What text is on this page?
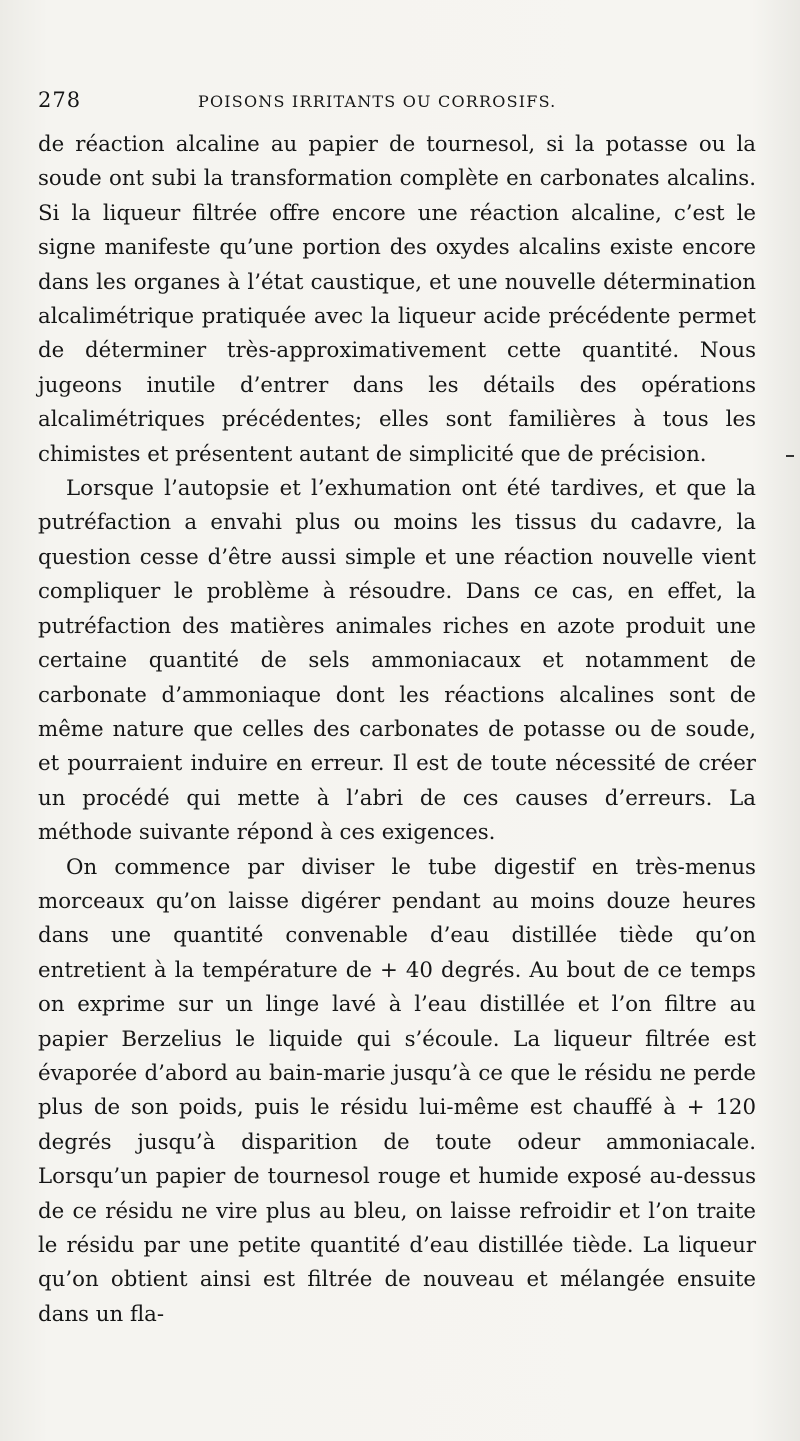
278	POISONS IRRITANTS OU CORROSIFS.

de réaction alcaline au papier de tournesol, si la potasse ou la soude ont subi la transformation complète en carbonates alcalins. Si la liqueur filtrée offre encore une réaction alcaline, c’est le signe manifeste qu’une portion des oxydes alcalins existe encore dans les organes à l’état caustique, et une nouvelle détermination alcalimétrique pratiquée avec la liqueur acide précédente permet de déterminer très-approximativement cette quantité. Nous jugeons inutile d’entrer dans les détails des opérations alcalimétriques précédentes; elles sont familières à tous les chimistes et présentent autant de simplicité que de précision.

Lorsque l’autopsie et l’exhumation ont été tardives, et que la putréfaction a envahi plus ou moins les tissus du cadavre, la question cesse d’être aussi simple et une réaction nouvelle vient compliquer le problème à résoudre. Dans ce cas, en effet, la putréfaction des matières animales riches en azote produit une certaine quantité de sels ammoniacaux et notamment de carbonate d’ammoniaque dont les réactions alcalines sont de même nature que celles des carbonates de potasse ou de soude, et pourraient induire en erreur. Il est de toute nécessité de créer un procédé qui mette à l’abri de ces causes d’erreurs. La méthode suivante répond à ces exigences.

On commence par diviser le tube digestif en très-menus morceaux qu’on laisse digérer pendant au moins douze heures dans une quantité convenable d’eau distillée tiède qu’on entretient à la température de + 40 degrés. Au bout de ce temps on exprime sur un linge lavé à l’eau distillée et l’on filtre au papier Berzelius le liquide qui s’écoule. La liqueur filtrée est évaporée d’abord au bain-marie jusqu’à ce que le résidu ne perde plus de son poids, puis le résidu lui-même est chauffé à + 120 degrés jusqu’à disparition de toute odeur ammoniacale. Lorsqu’un papier de tournesol rouge et humide exposé au-dessus de ce résidu ne vire plus au bleu, on laisse refroidir et l’on traite le résidu par une petite quantité d’eau distillée tiède. La liqueur qu’on obtient ainsi est filtrée de nouveau et mélangée ensuite dans un fla-
